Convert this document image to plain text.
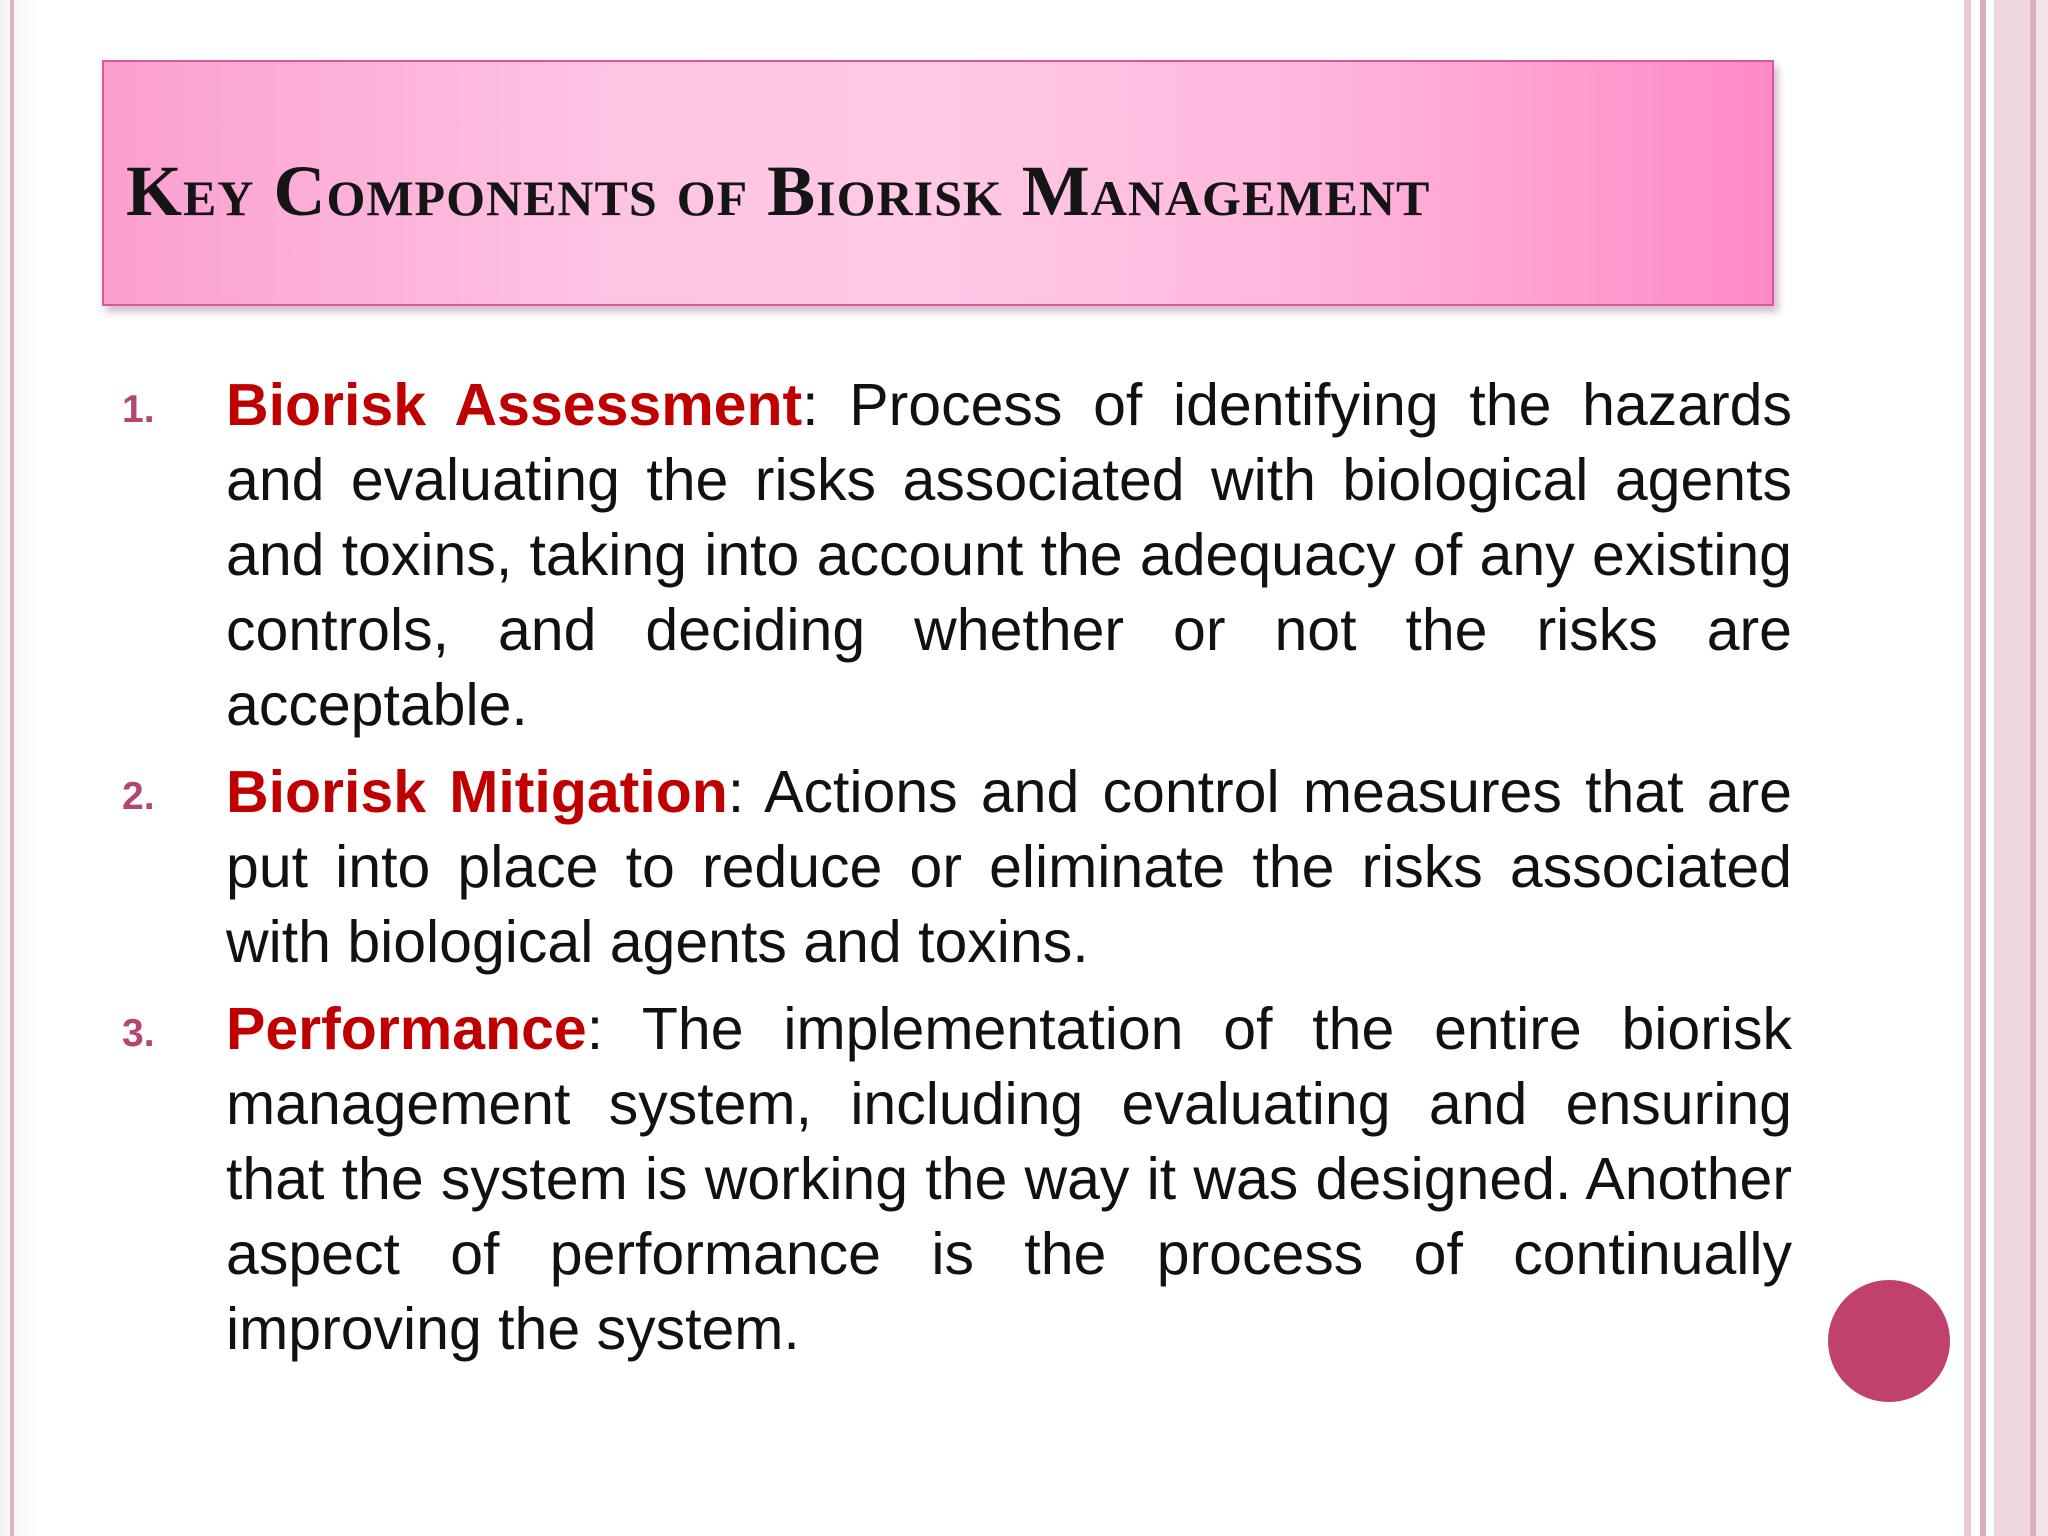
Key Components of Biorisk Management
1. Biorisk Assessment: Process of identifying the hazards and evaluating the risks associated with biological agents and toxins, taking into account the adequacy of any existing controls, and deciding whether or not the risks are acceptable.
2. Biorisk Mitigation: Actions and control measures that are put into place to reduce or eliminate the risks associated with biological agents and toxins.
3. Performance: The implementation of the entire biorisk management system, including evaluating and ensuring that the system is working the way it was designed. Another aspect of performance is the process of continually improving the system.
